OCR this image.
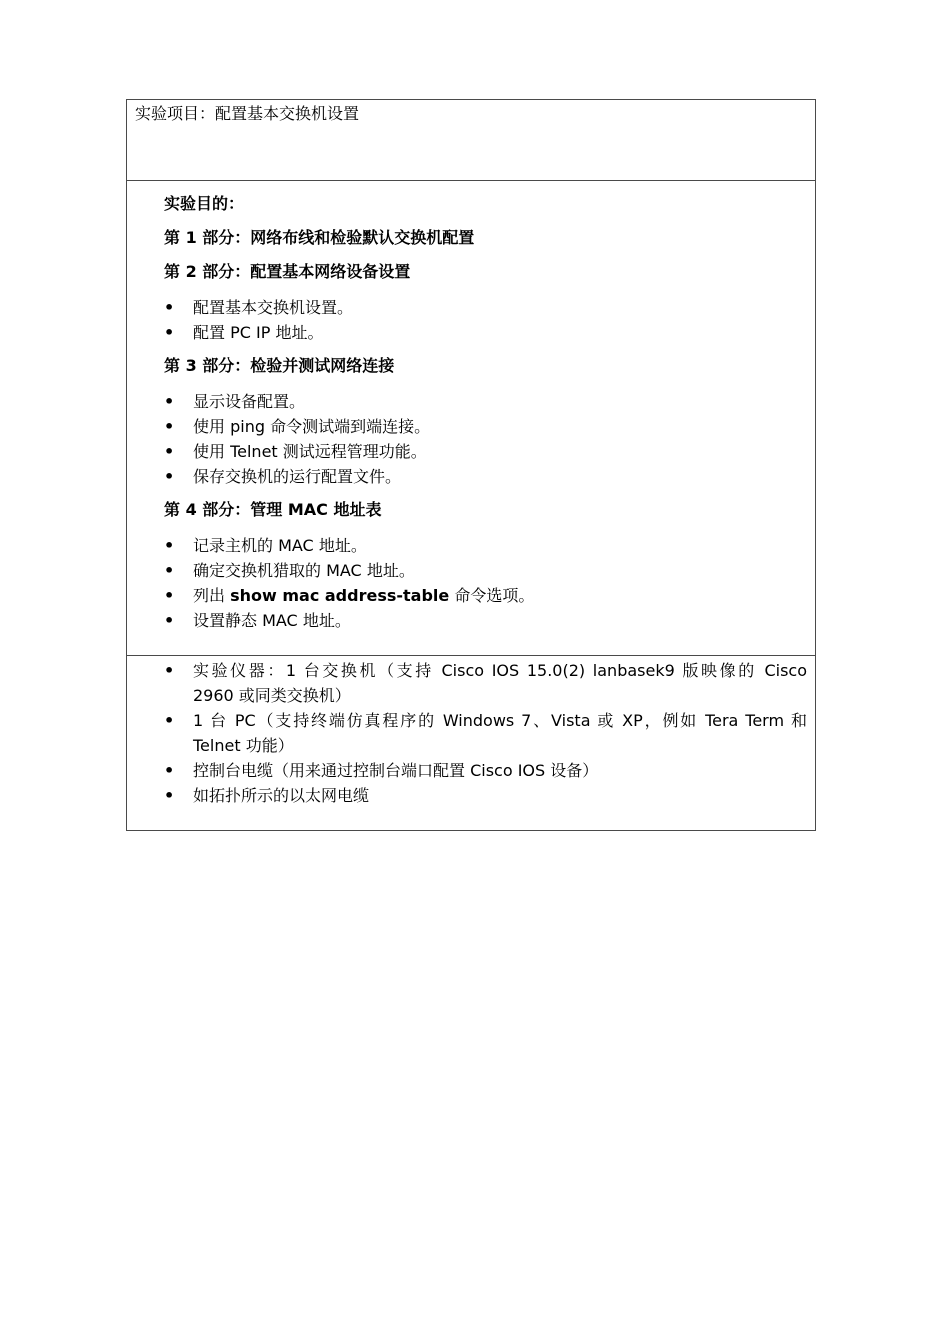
实验项目：配置基本交换机设置
实验目的：
第 1 部分：网络布线和检验默认交换机配置
第 2 部分：配置基本网络设备设置
• 配置基本交换机设置。
• 配置 PC IP 地址。
第 3 部分：检验并测试网络连接
• 显示设备配置。
• 使用 ping 命令测试端到端连接。
• 使用 Telnet 测试远程管理功能。
• 保存交换机的运行配置文件。
第 4 部分：管理 MAC 地址表
• 记录主机的 MAC 地址。
• 确定交换机猎取的 MAC 地址。
• 列出 show mac address-table 命令选项。
• 设置静态 MAC 地址。
• 实验仪器：1 台交换机（支持 Cisco IOS 15.0(2) lanbasek9 版映像的 Cisco
2960 或同类交换机）
• 1 台 PC（支持终端仿真程序的 Windows 7、Vista 或 XP，例如 Tera Term 和
Telnet 功能）
• 控制台电缆（用来通过控制台端口配置 Cisco IOS 设备）
• 如拓扑所示的以太网电缆
